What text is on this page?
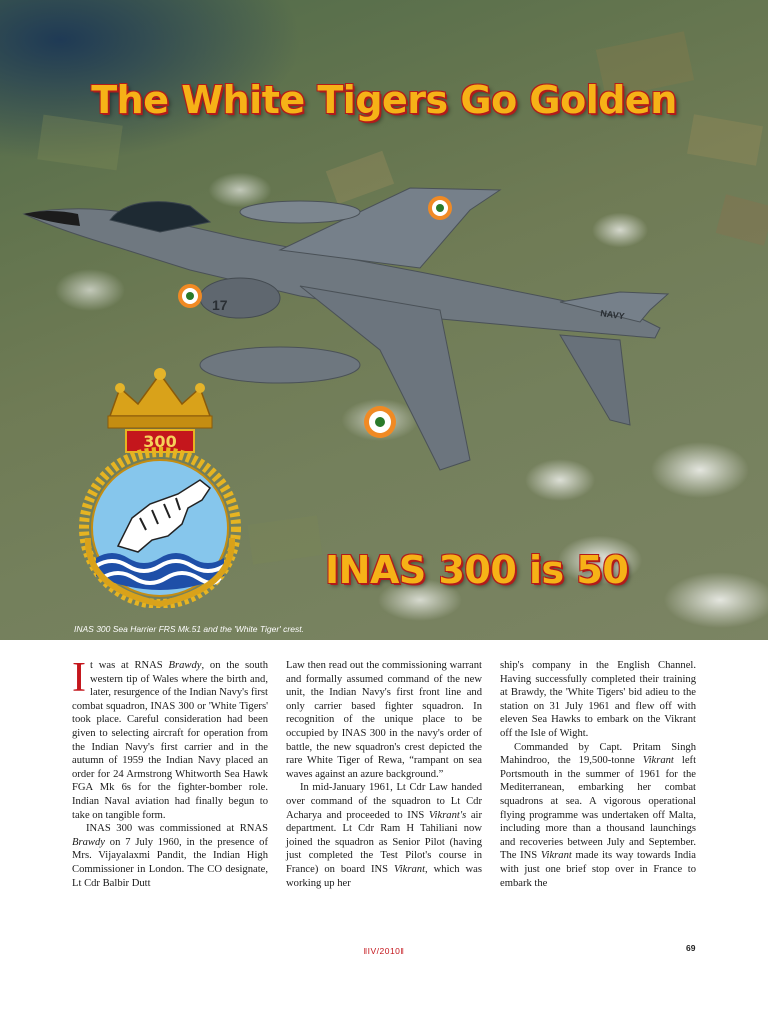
The White Tigers Go Golden
17
NAVY
300
INAS 300 is 50
INAS 300 Sea Harrier FRS Mk.51 and the 'White Tiger' crest.
I t was at RNAS Brawdy, on the south western tip of Wales where the birth and, later, resurgence of the Indian Navy's first combat squadron, INAS 300 or 'White Tigers' took place. Careful consideration had been given to selecting aircraft for operation from the Indian Navy's first carrier and in the autumn of 1959 the Indian Navy placed an order for 24 Armstrong Whitworth Sea Hawk FGA Mk 6s for the fighter-bomber role. Indian Naval aviation had finally begun to take on tangible form.

INAS 300 was commissioned at RNAS Brawdy on 7 July 1960, in the presence of Mrs. Vijayalaxmi Pandit, the Indian High Commissioner in London. The CO designate, Lt Cdr Balbir Dutt

Law then read out the commissioning warrant and formally assumed command of the new unit, the Indian Navy's first front line and only carrier based fighter squadron. In recognition of the unique place to be occupied by INAS 300 in the navy's order of battle, the new squadron's crest depicted the rare White Tiger of Rewa, “rampant on sea waves against an azure background.”

In mid-January 1961, Lt Cdr Law handed over command of the squadron to Lt Cdr Acharya and proceeded to INS Vikrant's air department. Lt Cdr Ram H Tahiliani now joined the squadron as Senior Pilot (having just completed the Test Pilot's course in France) on board INS Vikrant, which was working up her

ship's company in the English Channel. Having successfully completed their training at Brawdy, the 'White Tigers' bid adieu to the station on 31 July 1961 and flew off with eleven Sea Hawks to embark on the Vikrant off the Isle of Wight.

Commanded by Capt. Pritam Singh Mahindroo, the 19,500-tonne Vikrant left Portsmouth in the summer of 1961 for the Mediterranean, embarking her combat squadrons at sea. A vigorous operational flying programme was undertaken off Malta, including more than a thousand launchings and recoveries between July and September. The INS Vikrant made its way towards India with just one brief stop over in France to embark the

‖IV/2010‖	69
